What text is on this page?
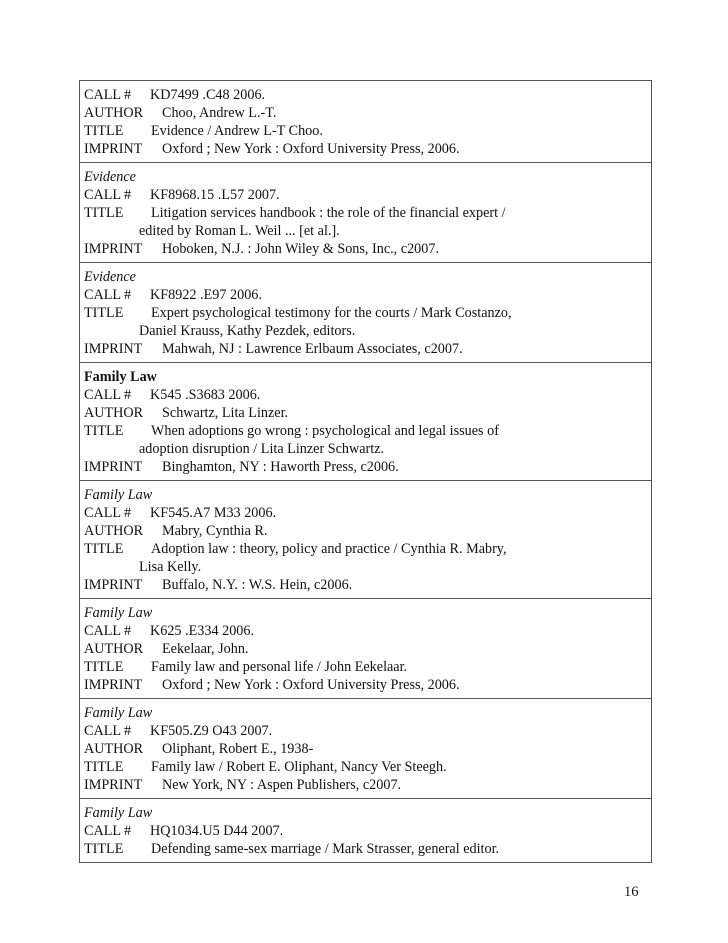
CALL #	KD7499 .C48 2006.
AUTHOR	Choo, Andrew L.-T.
TITLE	Evidence / Andrew L-T Choo.
IMPRINT	Oxford ; New York : Oxford University Press, 2006.
Evidence
CALL #	KF8968.15 .L57 2007.
TITLE	Litigation services handbook : the role of the financial expert /
edited by Roman L. Weil ... [et al.].
IMPRINT	Hoboken, N.J. : John Wiley & Sons, Inc., c2007.
Evidence
CALL #	KF8922 .E97 2006.
TITLE	Expert psychological testimony for the courts / Mark Costanzo,
Daniel Krauss, Kathy Pezdek, editors.
IMPRINT	Mahwah, NJ : Lawrence Erlbaum Associates, c2007.
Family Law
CALL #	K545 .S3683 2006.
AUTHOR	Schwartz, Lita Linzer.
TITLE	When adoptions go wrong : psychological and legal issues of
adoption disruption / Lita Linzer Schwartz.
IMPRINT	Binghamton, NY : Haworth Press, c2006.
Family Law
CALL #	KF545.A7 M33 2006.
AUTHOR	Mabry, Cynthia R.
TITLE	Adoption law : theory, policy and practice / Cynthia R. Mabry,
Lisa Kelly.
IMPRINT	Buffalo, N.Y. : W.S. Hein, c2006.
Family Law
CALL #	K625 .E334 2006.
AUTHOR	Eekelaar, John.
TITLE	Family law and personal life / John Eekelaar.
IMPRINT	Oxford ; New York : Oxford University Press, 2006.
Family Law
CALL #	KF505.Z9 O43 2007.
AUTHOR	Oliphant, Robert E., 1938-
TITLE	Family law / Robert E. Oliphant, Nancy Ver Steegh.
IMPRINT	New York, NY : Aspen Publishers, c2007.
Family Law
CALL #	HQ1034.U5 D44 2007.
TITLE	Defending same-sex marriage / Mark Strasser, general editor.
16
